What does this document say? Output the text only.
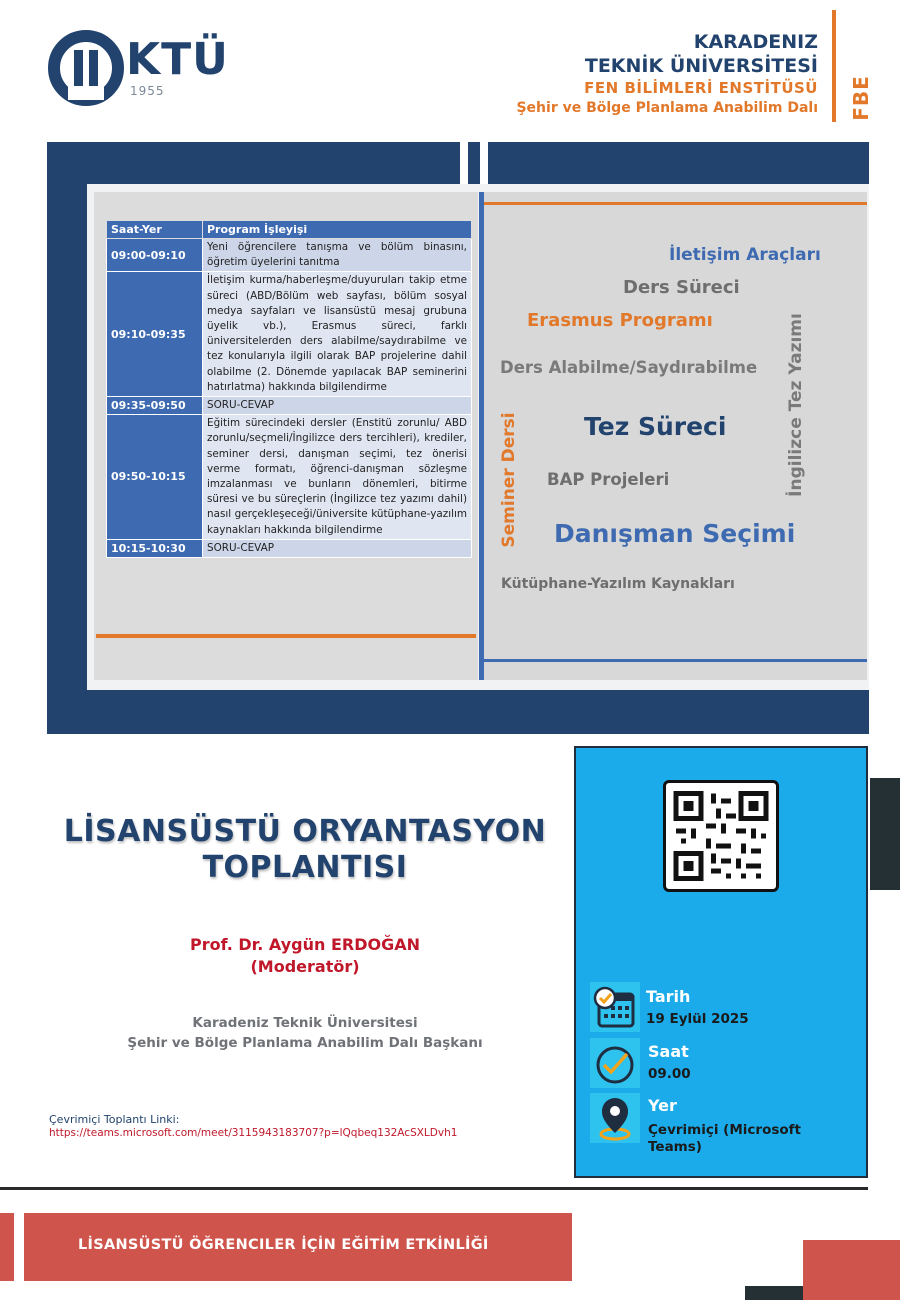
KTÜ
1955
KARADENIZ
TEKNİK ÜNİVERSİTESİ
FEN BİLİMLERİ ENSTİTÜSÜ
Şehir ve Bölge Planlama Anabilim Dalı FBE
Saat-Yer	Program İşleyişi
09:00-09:10	Yeni öğrencilere tanışma ve bölüm binasını, öğretim üyelerini tanıtma
09:10-09:35	İletişim kurma/haberleşme/duyuruları takip etme süreci (ABD/Bölüm web sayfası, bölüm sosyal medya sayfaları ve lisansüstü mesaj grubuna üyelik vb.), Erasmus süreci, farklı üniversitelerden ders alabilme/saydırabilme ve tez konularıyla ilgili olarak BAP projelerine dahil olabilme (2. Dönemde yapılacak BAP seminerini hatırlatma) hakkında bilgilendirme
09:35-09:50	SORU-CEVAP
09:50-10:15	Eğitim sürecindeki dersler (Enstitü zorunlu/ ABD zorunlu/seçmeli/İngilizce ders tercihleri), krediler, seminer dersi, danışman seçimi, tez önerisi verme formatı, öğrenci-danışman sözleşme imzalanması ve bunların dönemleri, bitirme süresi ve bu süreçlerin (İngilizce tez yazımı dahil) nasıl gerçekleşeceği/üniversite kütüphane-yazılım kaynakları hakkında bilgilendirme
10:15-10:30	SORU-CEVAP
İletişim Araçları
Ders Süreci
Erasmus Programı
Ders Alabilme/Saydırabilme
Tez Süreci
BAP Projeleri
Danışman Seçimi
Kütüphane-Yazılım Kaynakları
Seminer Dersi	İngilizce Tez Yazımı
LİSANSÜSTÜ ORYANTASYON
TOPLANTISI
Prof. Dr. Aygün ERDOĞAN
(Moderatör)
Karadeniz Teknik Üniversitesi
Şehir ve Bölge Planlama Anabilim Dalı Başkanı
Çevrimiçi Toplantı Linki:
https://teams.microsoft.com/meet/3115943183707?p=lQqbeq132AcSXLDvh1
Tarih
19 Eylül 2025
Saat
09.00
Yer
Çevrimiçi (Microsoft Teams)
LİSANSÜSTÜ ÖĞRENCILER İÇİN EĞİTİM ETKİNLİĞİ
